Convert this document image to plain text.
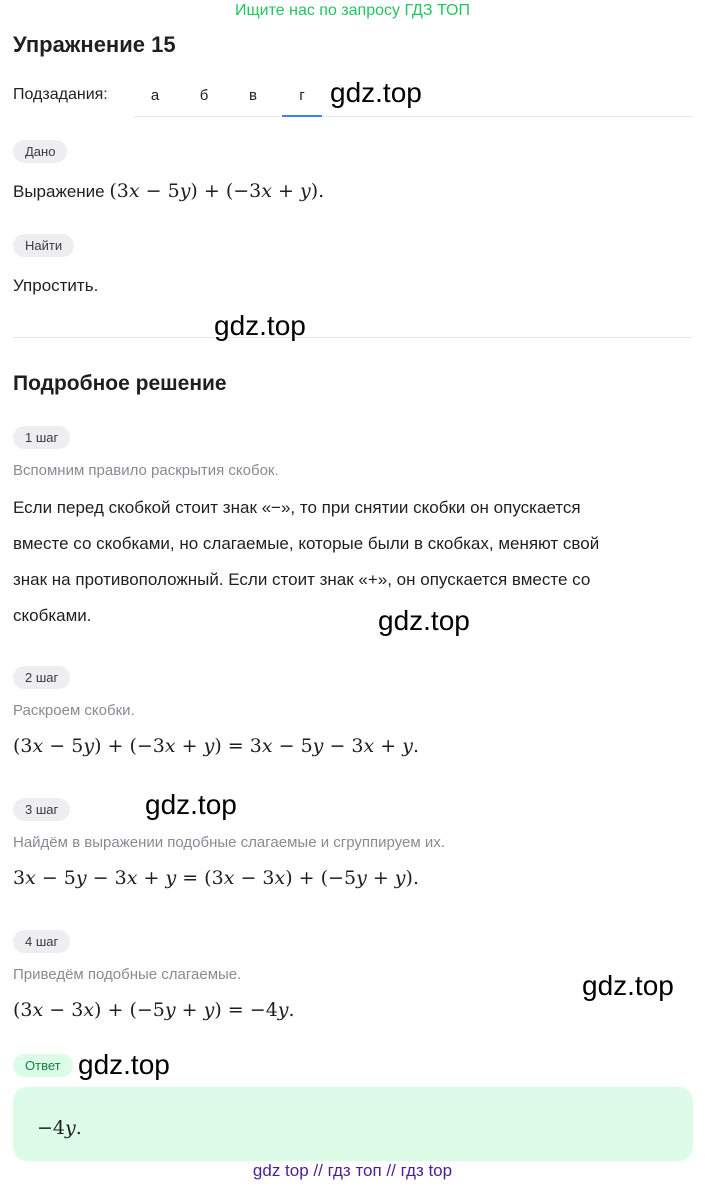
Ищите нас по запросу ГДЗ ТОП
Упражнение 15
Подзадания:	а	б	в	г gdz.top
Дано
Выражение (3x − 5y) + (−3x + y).
Найти
Упростить.
gdz.top
Подробное решение
1 шаг
Вспомним правило раскрытия скобок.
Если перед скобкой стоит знак «−», то при снятии скобки он опускается
вместе со скобками, но слагаемые, которые были в скобках, меняют свой
знак на противоположный. Если стоит знак «+», он опускается вместе со
скобками.	gdz.top
2 шаг
Раскроем скобки.
(3x − 5y) + (−3x + y) = 3x − 5y − 3x + y.
3 шаг	gdz.top
Найдём в выражении подобные слагаемые и сгруппируем их.
3x − 5y − 3x + y = (3x − 3x) + (−5y + y).
4 шаг
Приведём подобные слагаемые.	gdz.top
(3x − 3x) + (−5y + y) = −4y.
Ответ gdz.top
−4y.
gdz top // гдз топ // гдз top
